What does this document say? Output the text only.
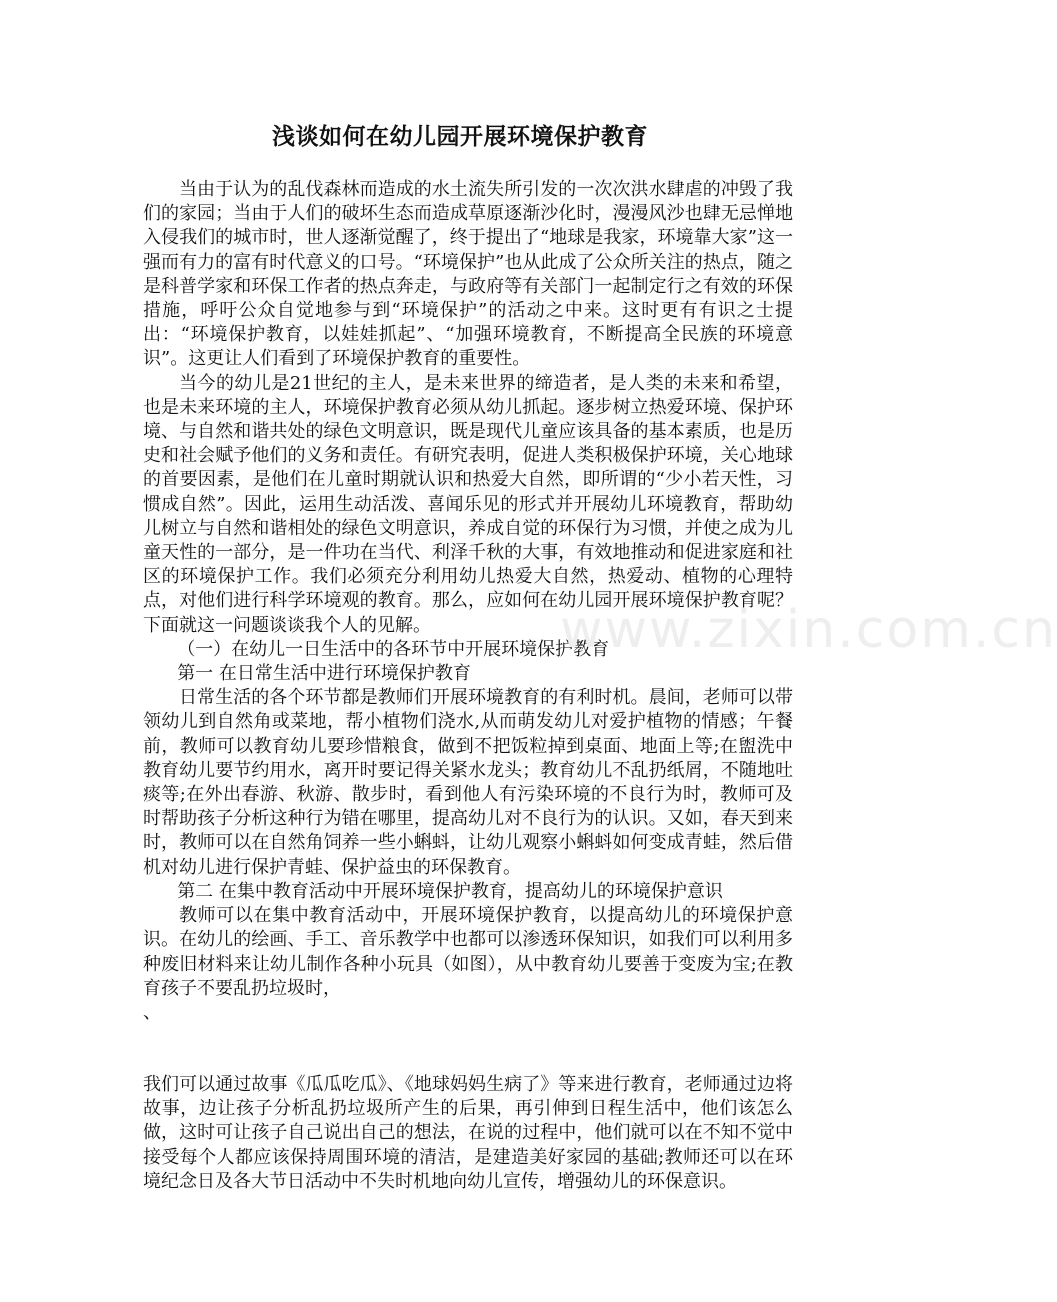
浅谈如何在幼儿园开展环境保护教育

当由于认为的乱伐森林而造成的水土流失所引发的一次次洪水肆虐的冲毁了我们的家园；当由于人们的破坏生态而造成草原逐渐沙化时，漫漫风沙也肆无忌惮地入侵我们的城市时，世人逐渐觉醒了，终于提出了“地球是我家，环境靠大家”这一强而有力的富有时代意义的口号。“环境保护”也从此成了公众所关注的热点，随之是科普学家和环保工作者的热点奔走，与政府等有关部门一起制定行之有效的环保措施，呼吁公众自觉地参与到“环境保护”的活动之中来。这时更有有识之士提出：“环境保护教育，以娃娃抓起”、“加强环境教育，不断提高全民族的环境意识”。这更让人们看到了环境保护教育的重要性。

当今的幼儿是21世纪的主人，是未来世界的缔造者，是人类的未来和希望，也是未来环境的主人，环境保护教育必须从幼儿抓起。逐步树立热爱环境、保护环境、与自然和谐共处的绿色文明意识，既是现代儿童应该具备的基本素质，也是历史和社会赋予他们的义务和责任。有研究表明，促进人类积极保护环境，关心地球的首要因素，是他们在儿童时期就认识和热爱大自然，即所谓的“少小若天性，习惯成自然”。因此，运用生动活泼、喜闻乐见的形式并开展幼儿环境教育，帮助幼儿树立与自然和谐相处的绿色文明意识，养成自觉的环保行为习惯，并使之成为儿童天性的一部分，是一件功在当代、利泽千秋的大事，有效地推动和促进家庭和社区的环境保护工作。我们必须充分利用幼儿热爱大自然，热爱动、植物的心理特点，对他们进行科学环境观的教育。那么，应如何在幼儿园开展环境保护教育呢？下面就这一问题谈谈我个人的见解。

（一）在幼儿一日生活中的各环节中开展环境保护教育

第一 在日常生活中进行环境保护教育

日常生活的各个环节都是教师们开展环境教育的有利时机。晨间，老师可以带领幼儿到自然角或菜地，帮小植物们浇水,从而萌发幼儿对爱护植物的情感；午餐前，教师可以教育幼儿要珍惜粮食，做到不把饭粒掉到桌面、地面上等;在盥洗中教育幼儿要节约用水，离开时要记得关紧水龙头；教育幼儿不乱扔纸屑，不随地吐痰等;在外出春游、秋游、散步时，看到他人有污染环境的不良行为时，教师可及时帮助孩子分析这种行为错在哪里，提高幼儿对不良行为的认识。又如，春天到来时，教师可以在自然角饲养一些小蝌蚪，让幼儿观察小蝌蚪如何变成青蛙，然后借机对幼儿进行保护青蛙、保护益虫的环保教育。

第二 在集中教育活动中开展环境保护教育，提高幼儿的环境保护意识

教师可以在集中教育活动中，开展环境保护教育，以提高幼儿的环境保护意识。在幼儿的绘画、手工、音乐教学中也都可以渗透环保知识，如我们可以利用多种废旧材料来让幼儿制作各种小玩具（如图），从中教育幼儿要善于变废为宝;在教育孩子不要乱扔垃圾时，

、

我们可以通过故事《瓜瓜吃瓜》、《地球妈妈生病了》等来进行教育，老师通过边将故事，边让孩子分析乱扔垃圾所产生的后果，再引伸到日程生活中，他们该怎么做，这时可让孩子自己说出自己的想法，在说的过程中，他们就可以在不知不觉中接受每个人都应该保持周围环境的清洁，是建造美好家园的基础;教师还可以在环境纪念日及各大节日活动中不失时机地向幼儿宣传，增强幼儿的环保意识。

www.zixin.com.cn
